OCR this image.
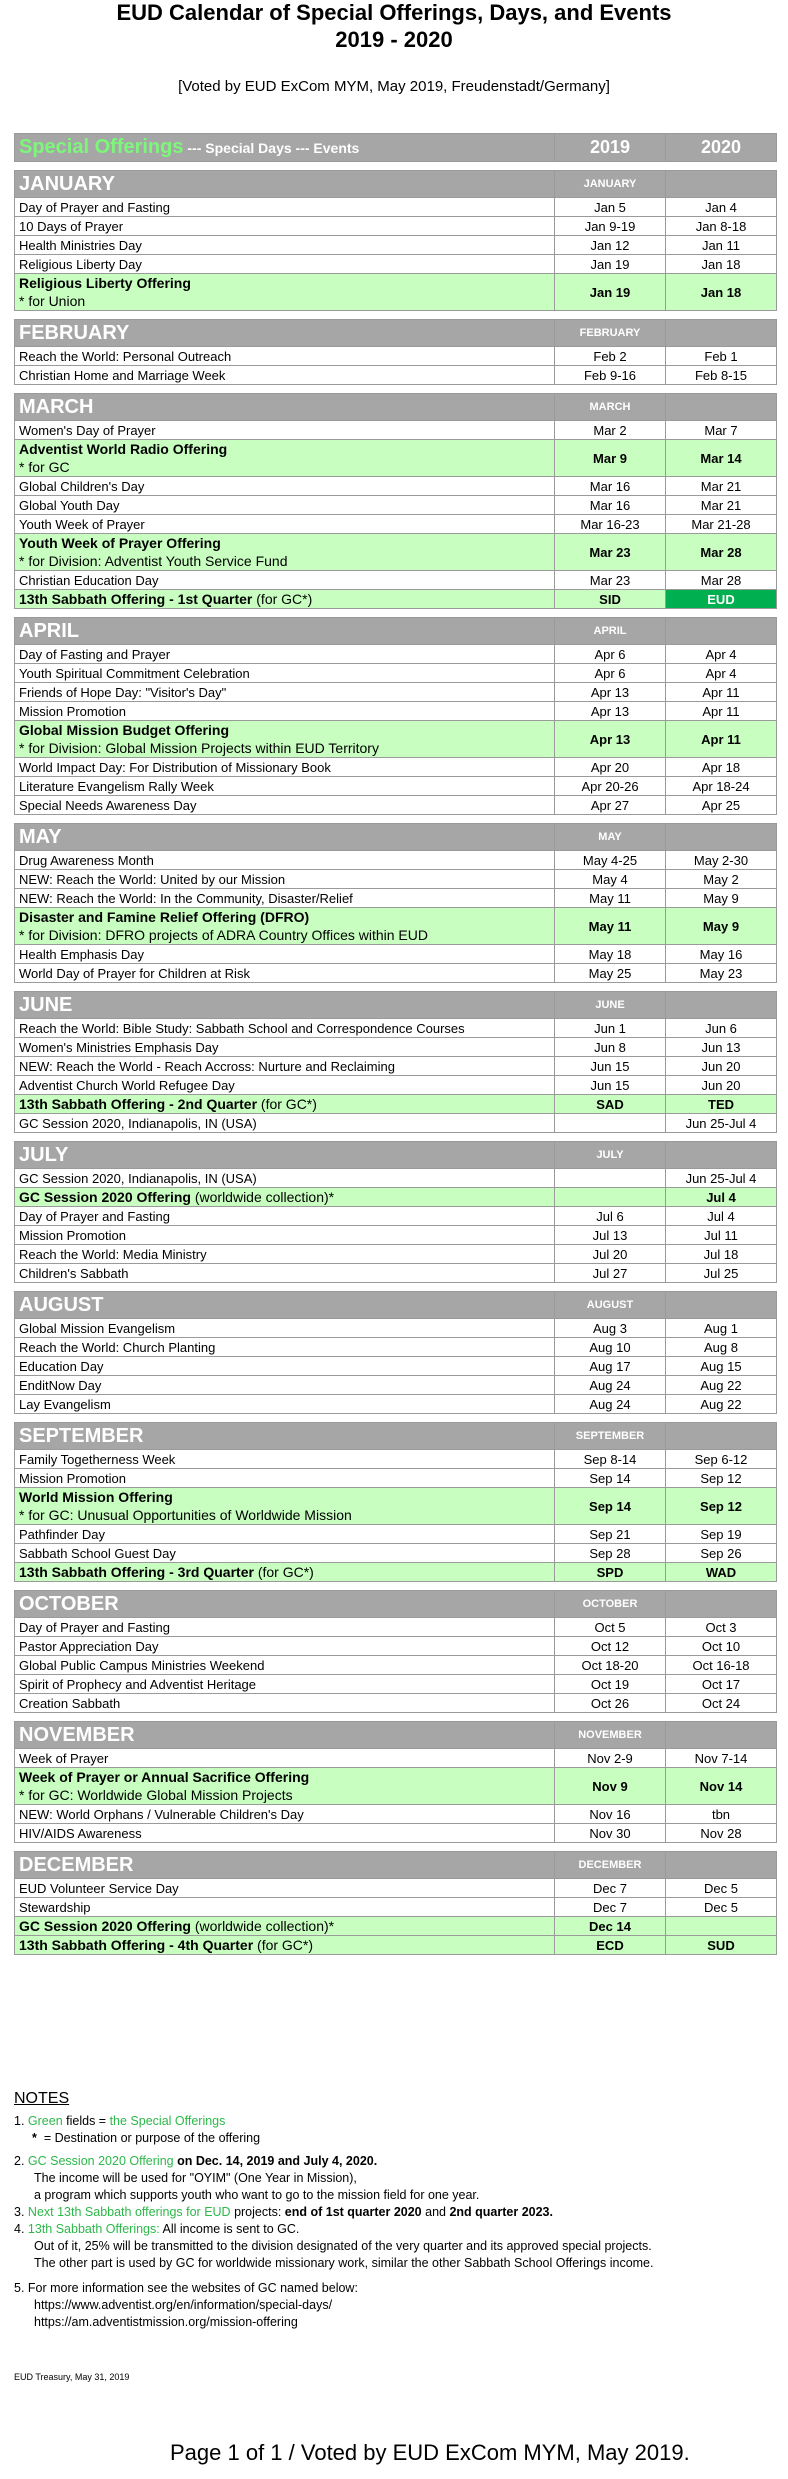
EUD Calendar of Special Offerings, Days, and Events
2019 - 2020
[Voted by EUD ExCom MYM, May 2019, Freudenstadt/Germany]
Special Offerings --- Special Days --- Events	2019	2020

JANUARY	JANUARY	
Day of Prayer and Fasting	Jan 5	Jan 4
10 Days of Prayer	Jan 9-19	Jan 8-18
Health Ministries Day	Jan 12	Jan 11
Religious Liberty Day	Jan 19	Jan 18
Religious Liberty Offering
* for Union	Jan 19	Jan 18

FEBRUARY	FEBRUARY	
Reach the World: Personal Outreach	Feb 2	Feb 1
Christian Home and Marriage Week	Feb 9-16	Feb 8-15

MARCH	MARCH	
Women's Day of Prayer	Mar 2	Mar 7
Adventist World Radio Offering
* for GC	Mar 9	Mar 14
Global Children's Day	Mar 16	Mar 21
Global Youth Day	Mar 16	Mar 21
Youth Week of Prayer	Mar 16-23	Mar 21-28
Youth Week of Prayer Offering
* for Division: Adventist Youth Service Fund	Mar 23	Mar 28
Christian Education Day	Mar 23	Mar 28
13th Sabbath Offering - 1st Quarter (for GC*)	SID	EUD

APRIL	APRIL	
Day of Fasting and Prayer	Apr 6	Apr 4
Youth Spiritual Commitment Celebration	Apr 6	Apr 4
Friends of Hope Day: "Visitor's Day"	Apr 13	Apr 11
Mission Promotion	Apr 13	Apr 11
Global Mission Budget Offering
* for Division: Global Mission Projects within EUD Territory	Apr 13	Apr 11
World Impact Day: For Distribution of Missionary Book	Apr 20	Apr 18
Literature Evangelism Rally Week	Apr 20-26	Apr 18-24
Special Needs Awareness Day	Apr 27	Apr 25

MAY	MAY	
Drug Awareness Month	May 4-25	May 2-30
NEW: Reach the World: United by our Mission	May 4	May 2
NEW: Reach the World: In the Community, Disaster/Relief	May 11	May 9
Disaster and Famine Relief Offering (DFRO)
* for Division: DFRO projects of ADRA Country Offices within EUD	May 11	May 9
Health Emphasis Day	May 18	May 16
World Day of Prayer for Children at Risk	May 25	May 23

JUNE	JUNE	
Reach the World: Bible Study: Sabbath School and Correspondence Courses	Jun 1	Jun 6
Women's Ministries Emphasis Day	Jun 8	Jun 13
NEW: Reach the World - Reach Accross: Nurture and Reclaiming	Jun 15	Jun 20
Adventist Church World Refugee Day	Jun 15	Jun 20
13th Sabbath Offering - 2nd Quarter (for GC*)	SAD	TED
GC Session 2020, Indianapolis, IN (USA)		Jun 25-Jul 4

JULY	JULY	
GC Session 2020, Indianapolis, IN (USA)		Jun 25-Jul 4
GC Session 2020 Offering (worldwide collection)*		Jul 4
Day of Prayer and Fasting	Jul 6	Jul 4
Mission Promotion	Jul 13	Jul 11
Reach the World: Media Ministry	Jul 20	Jul 18
Children's Sabbath	Jul 27	Jul 25

AUGUST	AUGUST	
Global Mission Evangelism	Aug 3	Aug 1
Reach the World: Church Planting	Aug 10	Aug 8
Education Day	Aug 17	Aug 15
EnditNow Day	Aug 24	Aug 22
Lay Evangelism	Aug 24	Aug 22

SEPTEMBER	SEPTEMBER	
Family Togetherness Week	Sep 8-14	Sep 6-12
Mission Promotion	Sep 14	Sep 12
World Mission Offering
* for GC: Unusual Opportunities of Worldwide Mission	Sep 14	Sep 12
Pathfinder Day	Sep 21	Sep 19
Sabbath School Guest Day	Sep 28	Sep 26
13th Sabbath Offering - 3rd Quarter (for GC*)	SPD	WAD

OCTOBER	OCTOBER	
Day of Prayer and Fasting	Oct 5	Oct 3
Pastor Appreciation Day	Oct 12	Oct 10
Global Public Campus Ministries Weekend	Oct 18-20	Oct 16-18
Spirit of Prophecy and Adventist Heritage	Oct 19	Oct 17
Creation Sabbath	Oct 26	Oct 24

NOVEMBER	NOVEMBER	
Week of Prayer	Nov 2-9	Nov 7-14
Week of Prayer or Annual Sacrifice Offering
* for GC: Worldwide Global Mission Projects	Nov 9	Nov 14
NEW: World Orphans / Vulnerable Children's Day	Nov 16	tbn
HIV/AIDS Awareness	Nov 30	Nov 28

DECEMBER	DECEMBER	
EUD Volunteer Service Day	Dec 7	Dec 5
Stewardship	Dec 7	Dec 5
GC Session 2020 Offering (worldwide collection)*	Dec 14	
13th Sabbath Offering - 4th Quarter (for GC*)	ECD	SUD
NOTES
1. Green fields = the Special Offerings
* = Destination or purpose of the offering
2. GC Session 2020 Offering on Dec. 14, 2019 and July 4, 2020.
The income will be used for "OYIM" (One Year in Mission),
a program which supports youth who want to go to the mission field for one year.
3. Next 13th Sabbath offerings for EUD projects: end of 1st quarter 2020 and 2nd quarter 2023.
4. 13th Sabbath Offerings: All income is sent to GC.
Out of it, 25% will be transmitted to the division designated of the very quarter and its approved special projects.
The other part is used by GC for worldwide missionary work, similar the other Sabbath School Offerings income.
5. For more information see the websites of GC named below:
https://www.adventist.org/en/information/special-days/
https://am.adventistmission.org/mission-offering
EUD Treasury, May 31, 2019
Page 1 of 1 / Voted by EUD ExCom MYM, May 2019.
